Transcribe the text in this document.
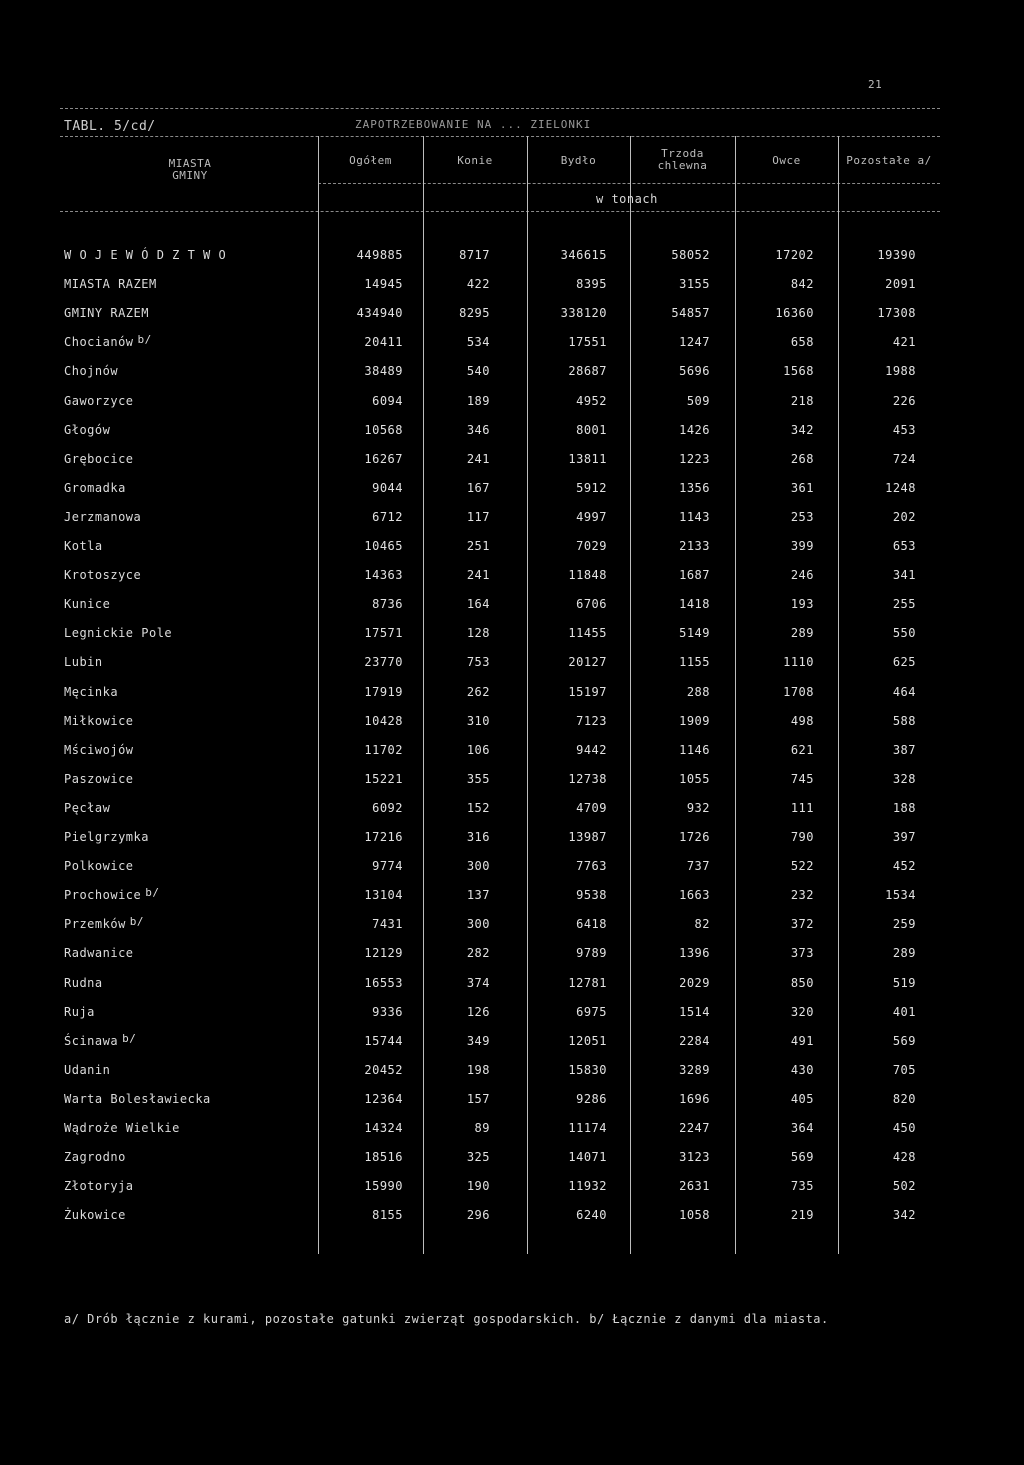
21
TABL. 5/cd/	ZAPOTRZEBOWANIE NA ... ZIELONKI
MIASTA
GMINY
Ogółem	Konie	Bydło
Trzoda
chlewna	Owce	Pozostałe a/
w tonach
W O J E W Ó D Z T W O	449885	8717	346615	58052	17202	19390
MIASTA RAZEM	14945	422	8395	3155	842	2091
GMINY RAZEM	434940	8295	338120	54857	16360	17308
Chocianów $^{b/}$	20411	534	17551	1247	658	421
Chojnów	38489	540	28687	5696	1568	1988
Gaworzyce	6094	189	4952	509	218	226
Głogów	10568	346	8001	1426	342	453
Grębocice	16267	241	13811	1223	268	724
Gromadka	9044	167	5912	1356	361	1248
Jerzmanowa	6712	117	4997	1143	253	202
Kotla	10465	251	7029	2133	399	653
Krotoszyce	14363	241	11848	1687	246	341
Kunice	8736	164	6706	1418	193	255
Legnickie Pole	17571	128	11455	5149	289	550
Lubin	23770	753	20127	1155	1110	625
Męcinka	17919	262	15197	288	1708	464
Miłkowice	10428	310	7123	1909	498	588
Mściwojów	11702	106	9442	1146	621	387
Paszowice	15221	355	12738	1055	745	328
Pęcław	6092	152	4709	932	111	188
Pielgrzymka	17216	316	13987	1726	790	397
Polkowice	9774	300	7763	737	522	452
Prochowice $^{b/}$	13104	137	9538	1663	232	1534
Przemków $^{b/}$	7431	300	6418	82	372	259
Radwanice	12129	282	9789	1396	373	289
Rudna	16553	374	12781	2029	850	519
Ruja	9336	126	6975	1514	320	401
Ścinawa $^{b/}$	15744	349	12051	2284	491	569
Udanin	20452	198	15830	3289	430	705
Warta Bolesławiecka	12364	157	9286	1696	405	820
Wądroże Wielkie	14324	89	11174	2247	364	450
Zagrodno	18516	325	14071	3123	569	428
Złotoryja	15990	190	11932	2631	735	502
Żukowice	8155	296	6240	1058	219	342
a/ Drób łącznie z kurami, pozostałe gatunki zwierząt gospodarskich. b/ Łącznie z danymi dla miasta.
